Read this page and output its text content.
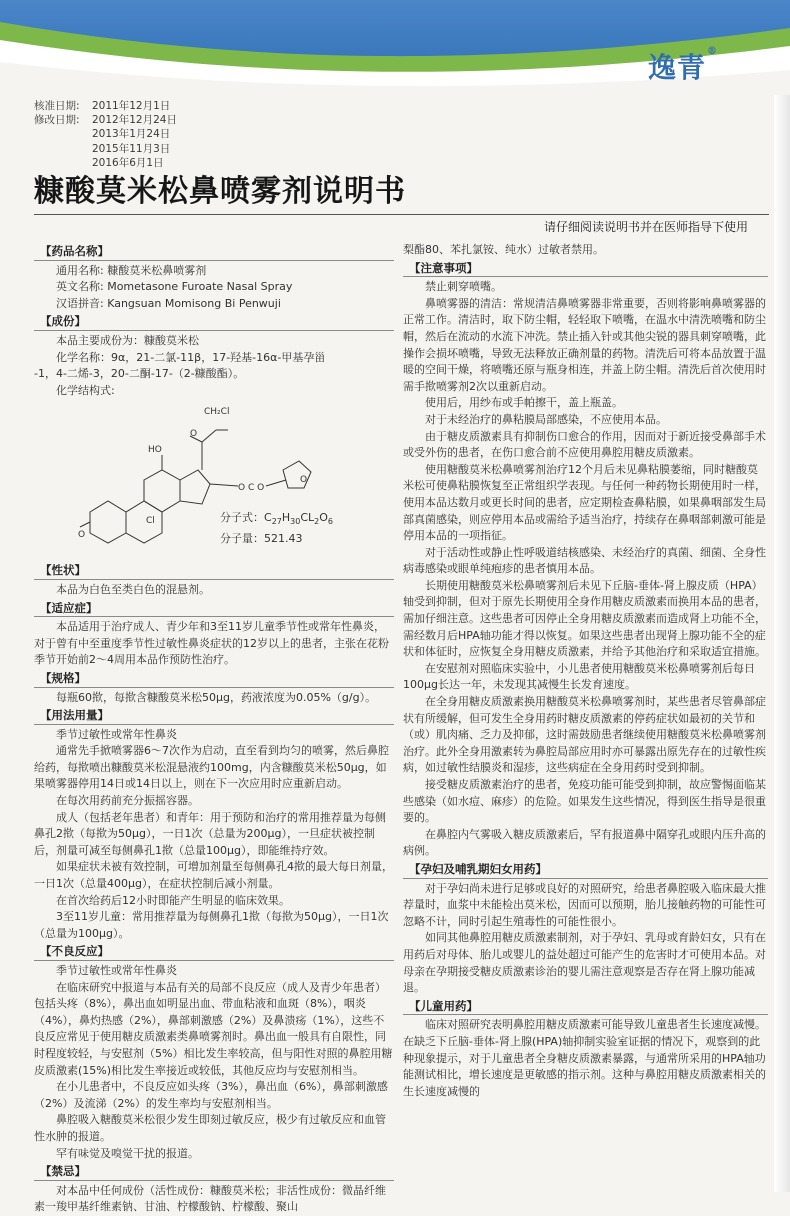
逸青®
核准日期:	2011年12月1日
修改日期:	2012年12月24日
2013年1月24日
2015年11月3日
2016年6月1日
糠酸莫米松鼻喷雾剂说明书
请仔细阅读说明书并在医师指导下使用
【药品名称】

通用名称: 糠酸莫米松鼻喷雾剂

英文名称: Mometasone Furoate Nasal Spray

汉语拼音: Kangsuan Momisong Bi Penwuji

【成份】

本品主要成份为：糠酸莫米松

化学名称：9α，21-二氯-11β，17-羟基-16α-甲基孕甾

-1，4-二烯-3，20-二酮-17-（2-糠酸酯）。

化学结构式:

CH₂Cl
O
HO
Cl
O
O C O
O
分子式：$C_{27}H_{30}CL_2O_6$
分子量：521.43
【性状】

本品为白色至类白色的混悬剂。

【适应症】

本品适用于治疗成人、青少年和3至11岁儿童季节性或常年性鼻炎，对于曾有中至重度季节性过敏性鼻炎症状的12岁以上的患者，主张在花粉季节开始前2～4周用本品作预防性治疗。

【规格】

每瓶60揿，每揿含糠酸莫米松50μg，药液浓度为0.05%（g/g）。

【用法用量】

季节过敏性或常年性鼻炎

通常先手掀喷雾器6～7次作为启动，直至看到均匀的喷雾，然后鼻腔给药，每揿喷出糠酸莫米松混悬液约100mg，内含糠酸莫米松50μg，如果喷雾器停用14日或14日以上，则在下一次应用时应重新启动。

在每次用药前充分振摇容器。

成人（包括老年患者）和青年：用于预防和治疗的常用推荐量为每侧鼻孔2揿（每揿为50μg），一日1次（总量为200μg），一旦症状被控制后，剂量可减至每侧鼻孔1揿（总量100μg），即能维持疗效。

如果症状未被有效控制，可增加剂量至每侧鼻孔4揿的最大每日剂量，一日1次（总量400μg），在症状控制后减小剂量。

在首次给药后12小时即能产生明显的临床效果。

3至11岁儿童：常用推荐量为每侧鼻孔1揿（每揿为50μg），一日1次（总量为100μg）。

【不良反应】

季节过敏性或常年性鼻炎

在临床研究中报道与本品有关的局部不良反应（成人及青少年患者）包括头疼（8%），鼻出血如明显出血、带血粘液和血斑（8%），咽炎（4%），鼻灼热感（2%），鼻部刺激感（2%）及鼻溃疡（1%），这些不良反应常见于使用糖皮质激素类鼻喷雾剂时。鼻出血一般具有自限性，同时程度较轻，与安慰剂（5%）相比发生率较高，但与阳性对照的鼻腔用糖皮质激素(15%)相比发生率接近或较低，其他反应均与安慰剂相当。

在小儿患者中，不良反应如头疼（3%），鼻出血（6%），鼻部刺激感（2%）及流涕（2%）的发生率均与安慰剂相当。

鼻腔吸入糖酸莫米松很少发生即刻过敏反应，极少有过敏反应和血管性水肿的报道。

罕有味觉及嗅觉干扰的报道。

【禁忌】

对本品中任何成份（活性成份：糠酸莫米松；非活性成份：微晶纤维素一羧甲基纤维素钠、甘油、柠檬酸钠、柠檬酸、聚山

梨酯80、苯扎氯铵、纯水）过敏者禁用。

【注意事项】

禁止刺穿喷嘴。

鼻喷雾器的清洁：常规清洁鼻喷雾器非常重要，否则将影响鼻喷雾器的正常工作。清洁时，取下防尘帽，轻轻取下喷嘴，在温水中清洗喷嘴和防尘帽，然后在流动的水流下冲洗。禁止插入针或其他尖锐的器具刺穿喷嘴，此操作会损坏喷嘴，导致无法释放正确剂量的药物。清洗后可将本品放置于温暖的空间干燥，将喷嘴还原与瓶身相连，并盖上防尘帽。清洗后首次使用时需手揿喷雾剂2次以重新启动。

使用后，用纱布或手帕擦干，盖上瓶盖。

对于未经治疗的鼻粘膜局部感染，不应使用本品。

由于糖皮质激素具有抑制伤口愈合的作用，因而对于新近接受鼻部手术或受外伤的患者，在伤口愈合前不应使用鼻腔用糖皮质激素。

使用糖酸莫米松鼻喷雾剂治疗12个月后未见鼻粘膜萎缩，同时糖酸莫米松可使鼻粘膜恢复至正常组织学表现。与任何一种药物长期使用时一样，使用本品达数月或更长时间的患者，应定期检查鼻粘膜，如果鼻咽部发生局部真菌感染，则应停用本品或需给予适当治疗，持续存在鼻咽部刺激可能是停用本品的一项指征。

对于活动性或静止性呼吸道结核感染、未经治疗的真菌、细菌、全身性病毒感染或眼单纯疱疹的患者慎用本品。

长期使用糖酸莫米松鼻喷雾剂后未见下丘脑-垂体-肾上腺皮质（HPA）轴受到抑制，但对于原先长期使用全身作用糖皮质激素而换用本品的患者，需加仔细注意。这些患者可因停止全身用糖皮质激素而造成肾上功能不全，需经数月后HPA轴功能才得以恢复。如果这些患者出现肾上腺功能不全的症状和体征时，应恢复全身用糖皮质激素，并给予其他治疗和采取适宜措施。

在安慰剂对照临床实验中，小儿患者使用糖酸莫米松鼻喷雾剂后每日100μg长达一年，未发现其减慢生长发育速度。

在全身用糖皮质激素换用糖酸莫米松鼻喷雾剂时，某些患者尽管鼻部症状有所缓解，但可发生全身用药时糖皮质激素的停药症状如最初的关节和（或）肌肉痛、乏力及抑郁，这时需鼓励患者继续使用糖酸莫米松鼻喷雾剂治疗。此外全身用激素转为鼻腔局部应用时亦可暴露出原先存在的过敏性疾病，如过敏性结膜炎和湿疹，这些病症在全身用药时受到抑制。

接受糖皮质激素治疗的患者，免疫功能可能受到抑制，故应警惕面临某些感染（如水痘、麻疹）的危险。如果发生这些情况，得到医生指导是很重要的。

在鼻腔内气雾吸入糖皮质激素后，罕有报道鼻中隔穿孔或眼内压升高的病例。

【孕妇及哺乳期妇女用药】

对于孕妇尚未进行足够或良好的对照研究，给患者鼻腔吸入临床最大推荐量时，血浆中未能检出莫米松，因而可以预期，胎儿接触药物的可能性可忽略不计，同时引起生殖毒性的可能性很小。

如同其他鼻腔用糖皮质激素制剂，对于孕妇、乳母或育龄妇女，只有在用药后对母体、胎儿或婴儿的益处超过可能产生的危害时才可使用本品。对母亲在孕期接受糖皮质激素诊治的婴儿需注意观察是否存在肾上腺功能减退。

【儿童用药】

临床对照研究表明鼻腔用糖皮质激素可能导致儿童患者生长速度减慢。在缺乏下丘脑-垂体-肾上腺(HPA)轴抑制实验室证据的情况下，观察到的此种现象提示，对于儿童患者全身糖皮质激素暴露，与通常所采用的HPA轴功能测试相比，增长速度是更敏感的指示剂。这种与鼻腔用糖皮质激素相关的生长速度减慢的
